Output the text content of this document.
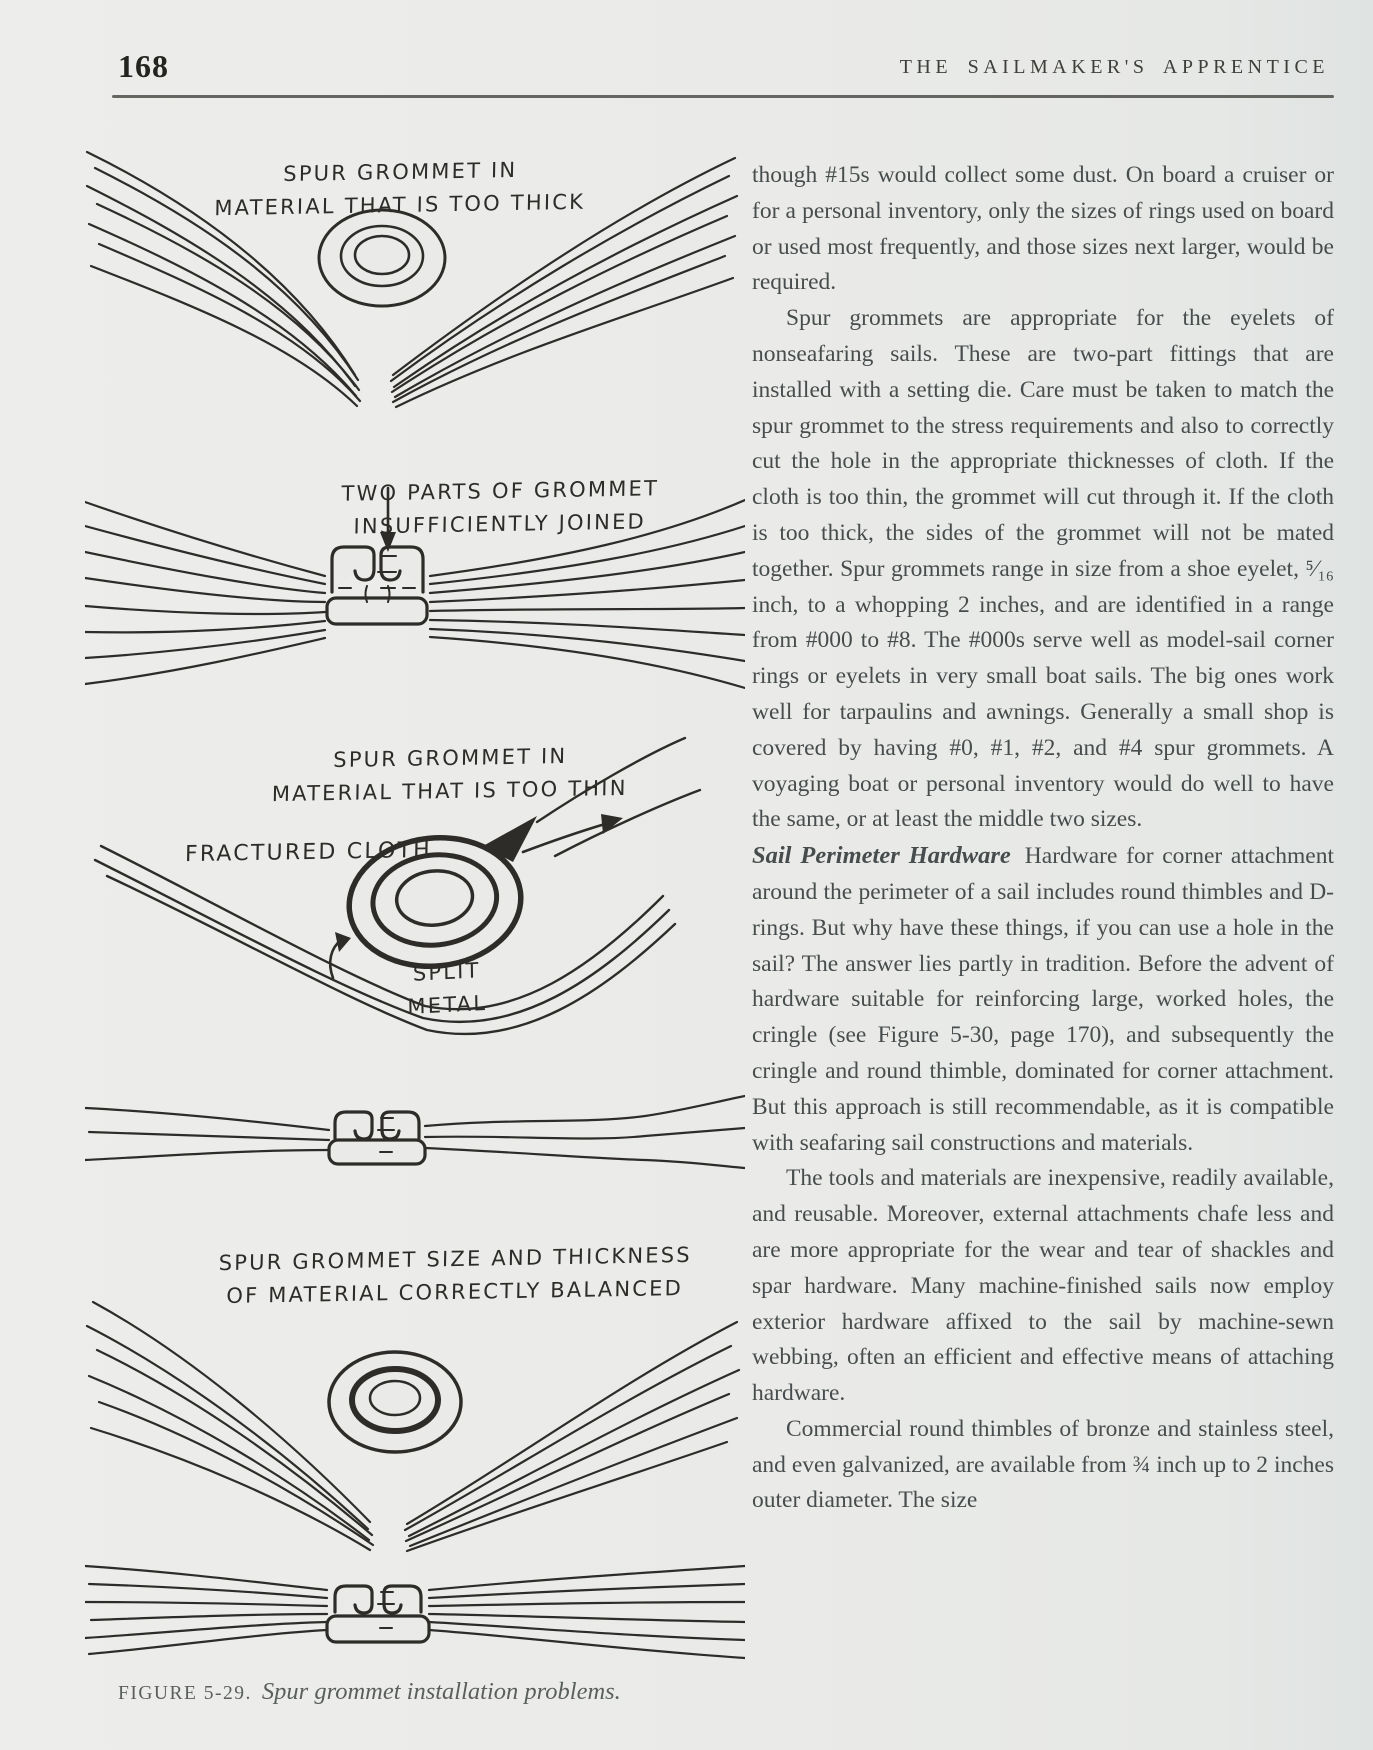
168	THE SAILMAKER'S APPRENTICE
SPUR GROMMET IN
MATERIAL THAT IS TOO THICK
TWO PARTS OF GROMMET
INSUFFICIENTLY JOINED
SPUR GROMMET IN
MATERIAL THAT IS TOO THIN
FRACTURED CLOTH
SPLIT
METAL
SPUR GROMMET SIZE AND THICKNESS
OF MATERIAL CORRECTLY BALANCED
FIGURE 5-29. Spur grommet installation problems.

though #15s would collect some dust. On board a cruiser or for a personal inventory, only the sizes of rings used on board or used most frequently, and those sizes next larger, would be required.

Spur grommets are appropriate for the eyelets of nonseafaring sails. These are two-part fittings that are installed with a setting die. Care must be taken to match the spur grommet to the stress requirements and also to correctly cut the hole in the appropriate thicknesses of cloth. If the cloth is too thin, the grommet will cut through it. If the cloth is too thick, the sides of the grommet will not be mated together. Spur grommets range in size from a shoe eyelet, ⁵⁄₁₆ inch, to a whopping 2 inches, and are identified in a range from #000 to #8. The #000s serve well as model-sail corner rings or eyelets in very small boat sails. The big ones work well for tarpaulins and awnings. Generally a small shop is covered by having #0, #1, #2, and #4 spur grommets. A voyaging boat or personal inventory would do well to have the same, or at least the middle two sizes.

Sail Perimeter Hardware Hardware for corner attachment around the perimeter of a sail includes round thimbles and D-rings. But why have these things, if you can use a hole in the sail? The answer lies partly in tradition. Before the advent of hardware suitable for reinforcing large, worked holes, the cringle (see Figure 5-30, page 170), and subsequently the cringle and round thimble, dominated for corner attachment. But this approach is still recommendable, as it is compatible with seafaring sail constructions and materials.

The tools and materials are inexpensive, readily available, and reusable. Moreover, external attachments chafe less and are more appropriate for the wear and tear of shackles and spar hardware. Many machine-finished sails now employ exterior hardware affixed to the sail by machine-sewn webbing, often an efficient and effective means of attaching hardware.

Commercial round thimbles of bronze and stainless steel, and even galvanized, are available from ¾ inch up to 2 inches outer diameter. The size
